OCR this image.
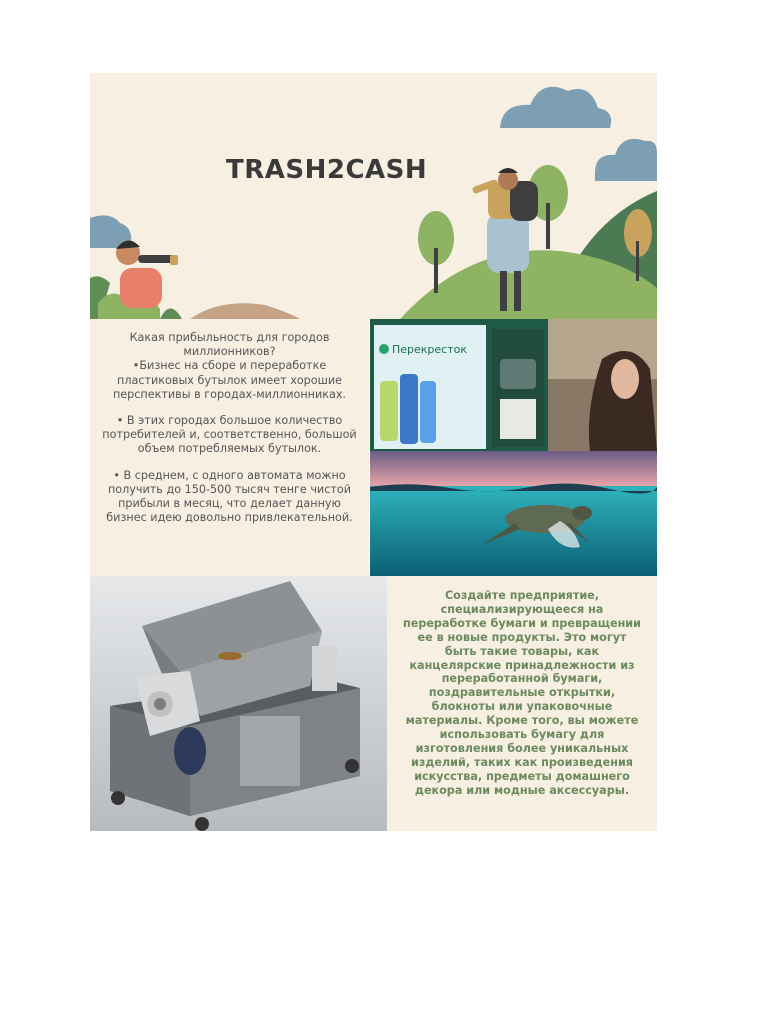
TRASH2CASH

Какая прибыльность для городов миллионников?

•Бизнес на сборе и переработке пластиковых бутылок имеет хорошие перспективы в городах-миллионниках.

• В этих городах большое количество потребителей и, соответственно, большой объем потребляемых бутылок.

• В среднем, с одного автомата можно получить до 150-500 тысяч тенге чистой прибыли в месяц, что делает данную бизнес идею довольно привлекательной.

Перекресток

Создайте предприятие, специализирующееся на переработке бумаги и превращении ее в новые продукты. Это могут быть такие товары, как канцелярские принадлежности из переработанной бумаги, поздравительные открытки, блокноты или упаковочные материалы. Кроме того, вы можете использовать бумагу для изготовления более уникальных изделий, таких как произведения искусства, предметы домашнего декора или модные аксессуары.
